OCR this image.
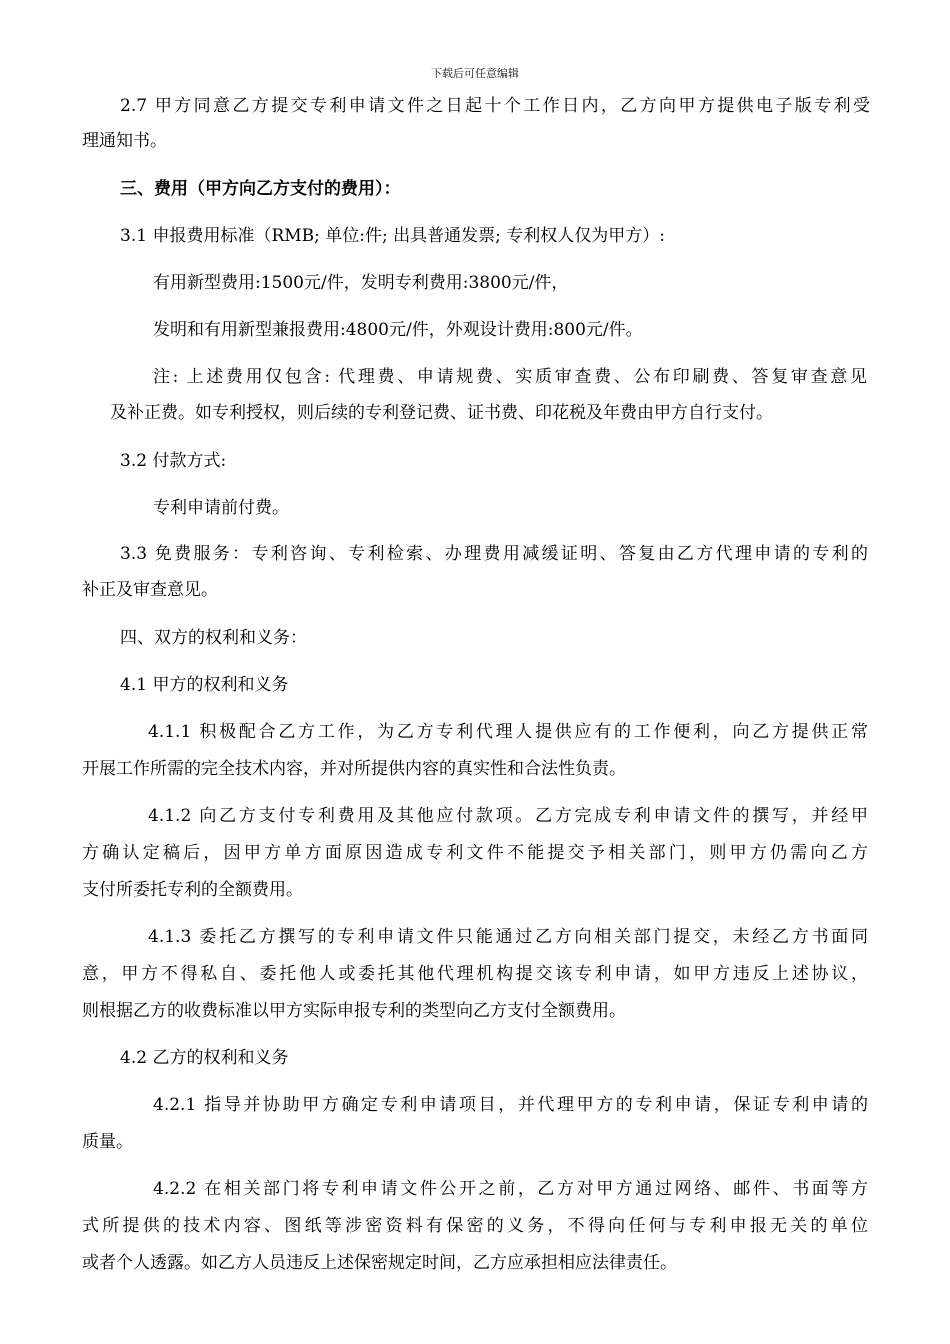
下载后可任意编辑
2.7 甲方同意乙方提交专利申请文件之日起十个工作日内，乙方向甲方提供电子版专利受
理通知书。
三、费用（甲方向乙方支付的费用）：
3.1 申报费用标准（RMB; 单位:件; 出具普通发票; 专利权人仅为甲方）:
有用新型费用:1500元/件，发明专利费用:3800元/件，
发明和有用新型兼报费用:4800元/件，外观设计费用:800元/件。
注: 上述费用仅包含: 代理费、申请规费、实质审查费、公布印刷费、答复审查意见
及补正费。如专利授权，则后续的专利登记费、证书费、印花税及年费由甲方自行支付。
3.2 付款方式:
专利申请前付费。
3.3 免费服务：专利咨询、专利检索、办理费用减缓证明、答复由乙方代理申请的专利的
补正及审查意见。
四、双方的权利和义务：
4.1 甲方的权利和义务
4.1.1 积极配合乙方工作，为乙方专利代理人提供应有的工作便利，向乙方提供正常
开展工作所需的完全技术内容，并对所提供内容的真实性和合法性负责。
4.1.2 向乙方支付专利费用及其他应付款项。乙方完成专利申请文件的撰写，并经甲
方确认定稿后，因甲方单方面原因造成专利文件不能提交予相关部门，则甲方仍需向乙方
支付所委托专利的全额费用。
4.1.3 委托乙方撰写的专利申请文件只能通过乙方向相关部门提交，未经乙方书面同
意，甲方不得私自、委托他人或委托其他代理机构提交该专利申请，如甲方违反上述协议，
则根据乙方的收费标准以甲方实际申报专利的类型向乙方支付全额费用。
4.2 乙方的权利和义务
4.2.1 指导并协助甲方确定专利申请项目，并代理甲方的专利申请，保证专利申请的
质量。
4.2.2 在相关部门将专利申请文件公开之前，乙方对甲方通过网络、邮件、书面等方
式所提供的技术内容、图纸等涉密资料有保密的义务，不得向任何与专利申报无关的单位
或者个人透露。如乙方人员违反上述保密规定时间，乙方应承担相应法律责任。
